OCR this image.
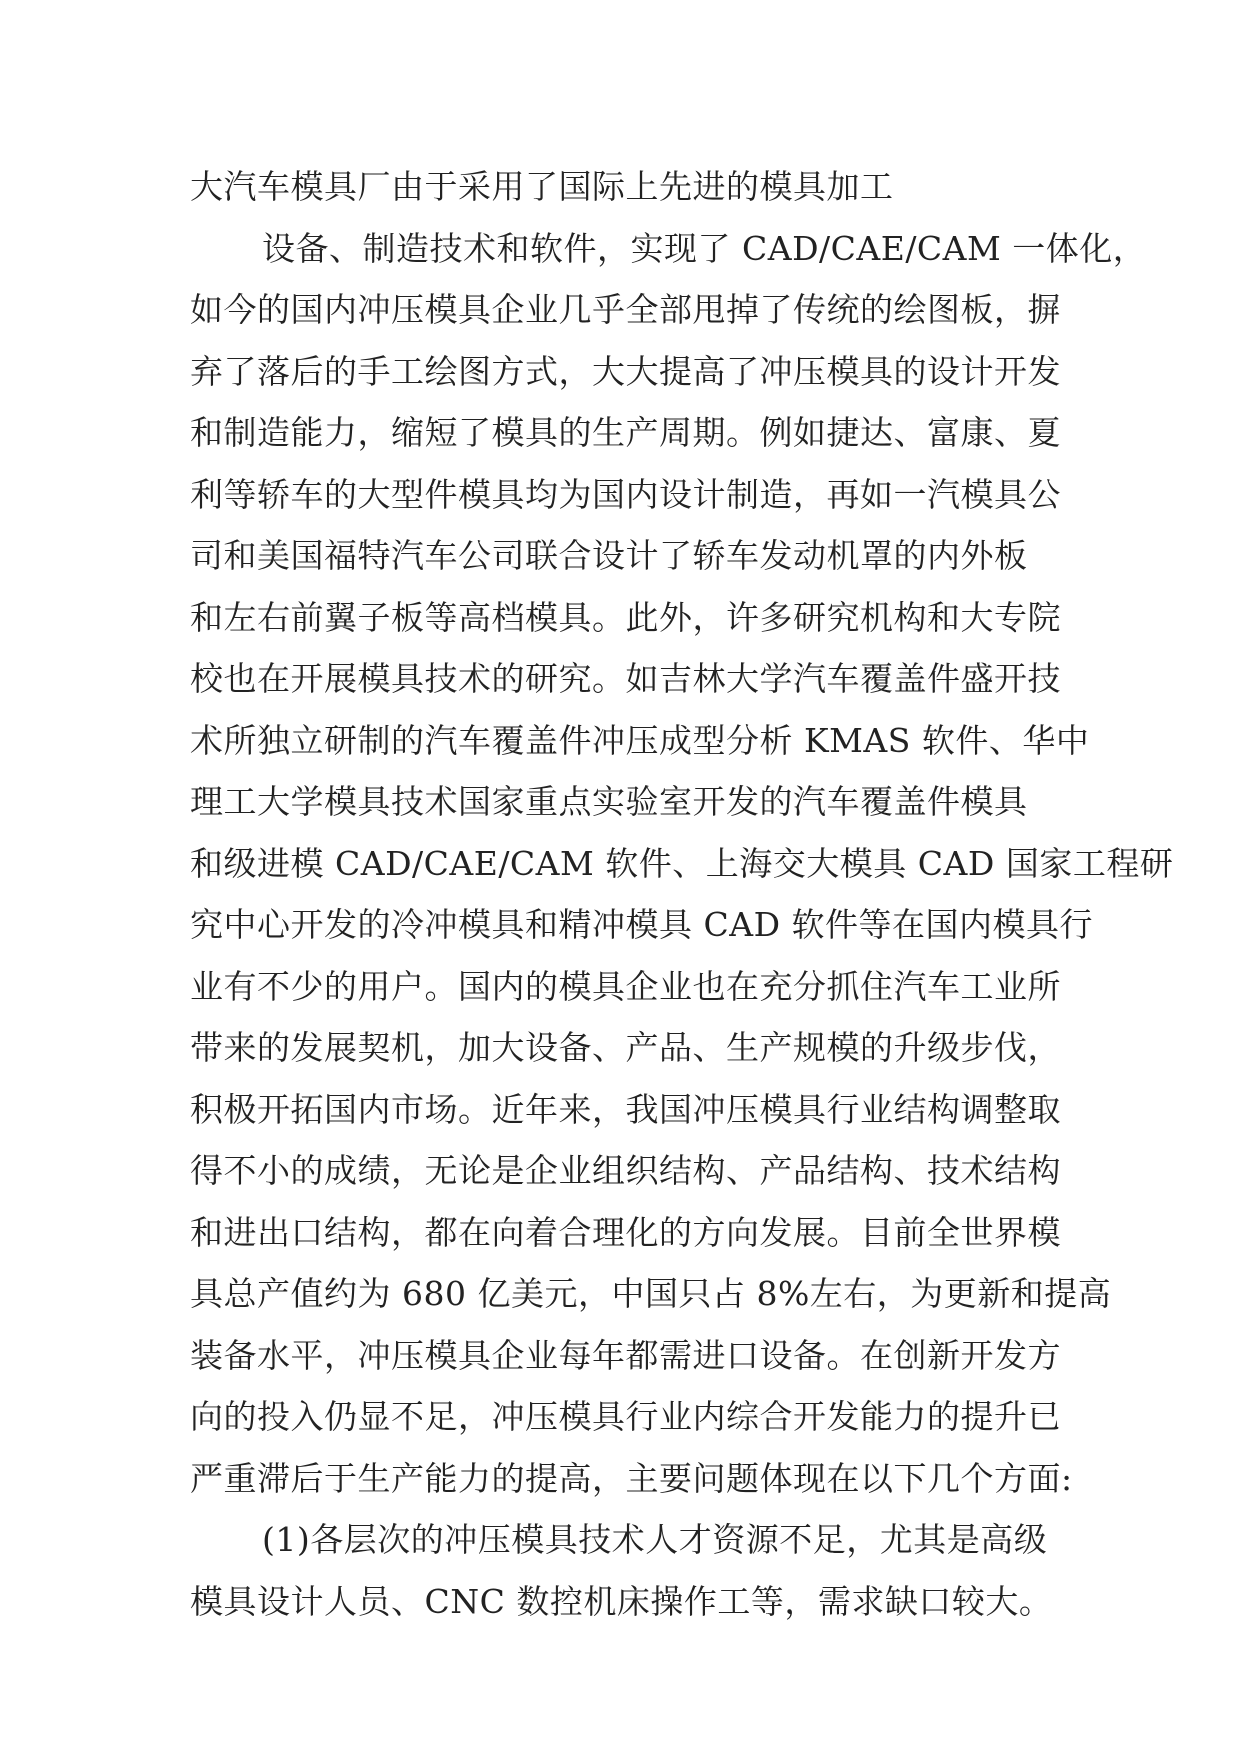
大汽车模具厂由于采用了国际上先进的模具加工
设备、制造技术和软件，实现了 CAD/CAE/CAM 一体化，
如今的国内冲压模具企业几乎全部甩掉了传统的绘图板，摒
弃了落后的手工绘图方式，大大提高了冲压模具的设计开发
和制造能力，缩短了模具的生产周期。例如捷达、富康、夏
利等轿车的大型件模具均为国内设计制造，再如一汽模具公
司和美国福特汽车公司联合设计了轿车发动机罩的内外板
和左右前翼子板等高档模具。此外，许多研究机构和大专院
校也在开展模具技术的研究。如吉林大学汽车覆盖件盛开技
术所独立研制的汽车覆盖件冲压成型分析 KMAS 软件、华中
理工大学模具技术国家重点实验室开发的汽车覆盖件模具
和级进模 CAD/CAE/CAM 软件、上海交大模具 CAD 国家工程研
究中心开发的冷冲模具和精冲模具 CAD 软件等在国内模具行
业有不少的用户。国内的模具企业也在充分抓住汽车工业所
带来的发展契机，加大设备、产品、生产规模的升级步伐，
积极开拓国内市场。近年来，我国冲压模具行业结构调整取
得不小的成绩，无论是企业组织结构、产品结构、技术结构
和进出口结构，都在向着合理化的方向发展。目前全世界模
具总产值约为 680 亿美元，中国只占 8%左右，为更新和提高
装备水平，冲压模具企业每年都需进口设备。在创新开发方
向的投入仍显不足，冲压模具行业内综合开发能力的提升已
严重滞后于生产能力的提高，主要问题体现在以下几个方面:
(1)各层次的冲压模具技术人才资源不足，尤其是高级
模具设计人员、CNC 数控机床操作工等，需求缺口较大。
